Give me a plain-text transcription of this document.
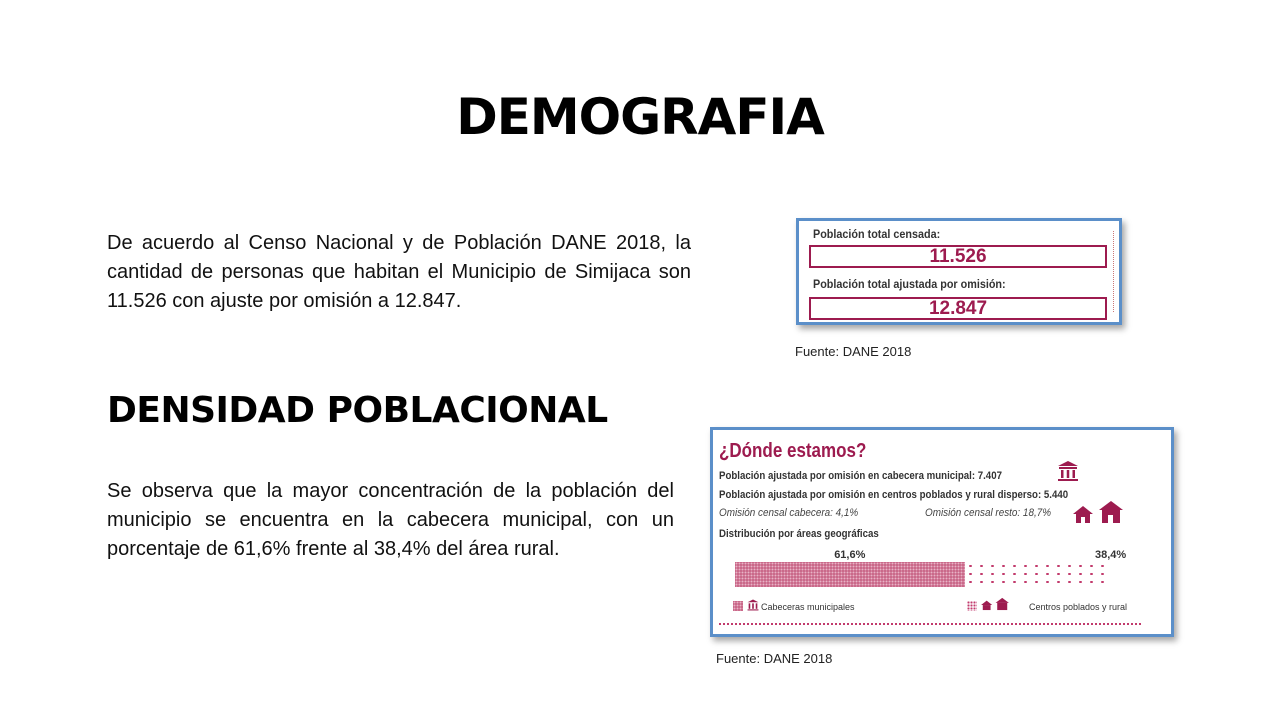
DEMOGRAFIA
De acuerdo al Censo Nacional y de Población DANE 2018, la cantidad de personas que habitan el Municipio de Simijaca son 11.526 con ajuste por omisión a 12.847.
Población total censada:
11.526
Población total ajustada por omisión:
12.847
Fuente: DANE 2018
DENSIDAD POBLACIONAL
Se observa que la mayor concentración de la población del municipio se encuentra en la cabecera municipal, con un porcentaje de 61,6% frente al 38,4% del área rural.
¿Dónde estamos?
Población ajustada por omisión en cabecera municipal: 7.407
Población ajustada por omisión en centros poblados y rural disperso: 5.440
Omisión censal cabecera: 4,1%	Omisión censal resto: 18,7%
Distribución por áreas geográficas
61,6%	38,4%
Cabeceras municipales	Centros poblados y rural
Fuente: DANE 2018
